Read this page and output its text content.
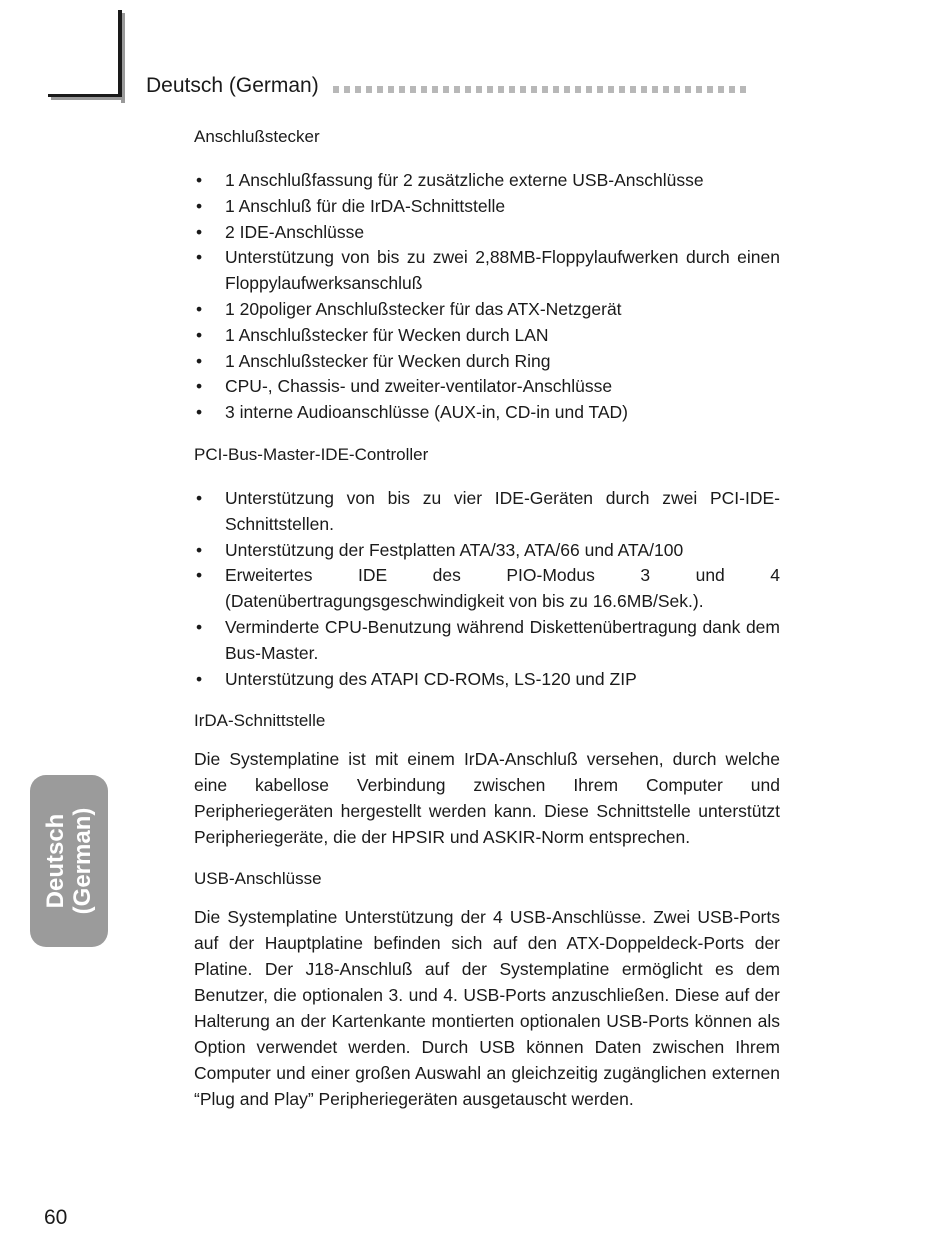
Deutsch (German)
Anschlußstecker
• 1 Anschlußfassung für 2 zusätzliche externe USB-Anschlüsse
• 1 Anschluß für die IrDA-Schnittstelle
• 2 IDE-Anschlüsse
• Unterstützung von bis zu zwei 2,88MB-Floppylaufwerken durch einen Floppylaufwerksanschluß
• 1 20poliger Anschlußstecker für das ATX-Netzgerät
• 1 Anschlußstecker für Wecken durch LAN
• 1 Anschlußstecker für Wecken durch Ring
• CPU-, Chassis- und zweiter-ventilator-Anschlüsse
• 3 interne Audioanschlüsse (AUX-in, CD-in und TAD)
PCI-Bus-Master-IDE-Controller
• Unterstützung von bis zu vier IDE-Geräten durch zwei PCI-IDE-Schnittstellen.
• Unterstützung der Festplatten ATA/33, ATA/66 und ATA/100
• Erweitertes IDE des PIO-Modus 3 und 4 (Datenübertragungsgeschwindigkeit von bis zu 16.6MB/Sek.).
• Verminderte CPU-Benutzung während Diskettenübertragung dank dem Bus-Master.
• Unterstützung des ATAPI CD-ROMs, LS-120 und ZIP
IrDA-Schnittstelle

Die Systemplatine ist mit einem IrDA-Anschluß versehen, durch welche eine kabellose Verbindung zwischen Ihrem Computer und Peripheriegeräten hergestellt werden kann. Diese Schnittstelle unterstützt Peripheriegeräte, die der HPSIR und ASKIR-Norm entsprechen.

USB-Anschlüsse

Die Systemplatine Unterstützung der 4 USB-Anschlüsse. Zwei USB-Ports auf der Hauptplatine befinden sich auf den ATX-Doppeldeck-Ports der Platine. Der J18-Anschluß auf der Systemplatine ermöglicht es dem Benutzer, die optionalen 3. und 4. USB-Ports anzuschließen. Diese auf der Halterung an der Kartenkante montierten optionalen USB-Ports können als Option verwendet werden. Durch USB können Daten zwischen Ihrem Computer und einer großen Auswahl an gleichzeitig zugänglichen externen “Plug and Play” Peripheriegeräten ausgetauscht werden.

Deutsch (German)
60
